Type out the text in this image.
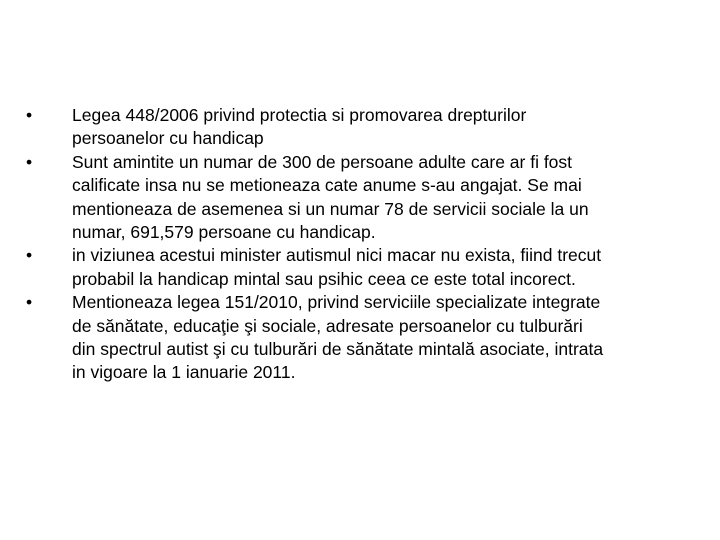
• Legea 448/2006 privind protectia si promovarea drepturilor
persoanelor cu handicap
• Sunt amintite un numar de 300 de persoane adulte care ar fi fost
calificate insa nu se metioneaza cate anume s-au angajat. Se mai
mentioneaza de asemenea si un numar 78 de servicii sociale la un
numar, 691,579 persoane cu handicap.
• in viziunea acestui minister autismul nici macar nu exista, fiind trecut
probabil la handicap mintal sau psihic ceea ce este total incorect.
• Mentioneaza legea 151/2010, privind serviciile specializate integrate
de sănătate, educaţie şi sociale, adresate persoanelor cu tulburări
din spectrul autist şi cu tulburări de sănătate mintală asociate, intrata
in vigoare la 1 ianuarie 2011.
